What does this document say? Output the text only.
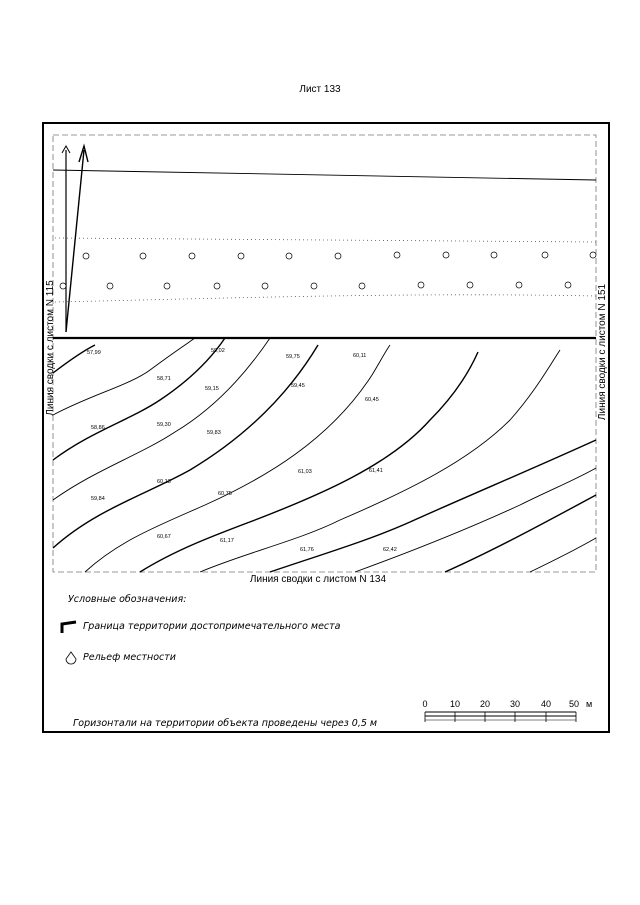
Лист 133
57,99	59,02
59,75	60,11
58,71
59,15	59,45
60,45
58,86	59,30
59,83
60,13
61,03	61,41
59,84
60,75
60,67
61,17
61,76	62,42
Линия сводки с листом N 115	Линия сводки с листом N 151
Линия сводки с листом N 134
Условные обозначения:
Граница территории достопримечательного места
Рельеф местности
Горизонтали на территории объекта проведены через 0,5 м
0 10 20 30 40 50 м
